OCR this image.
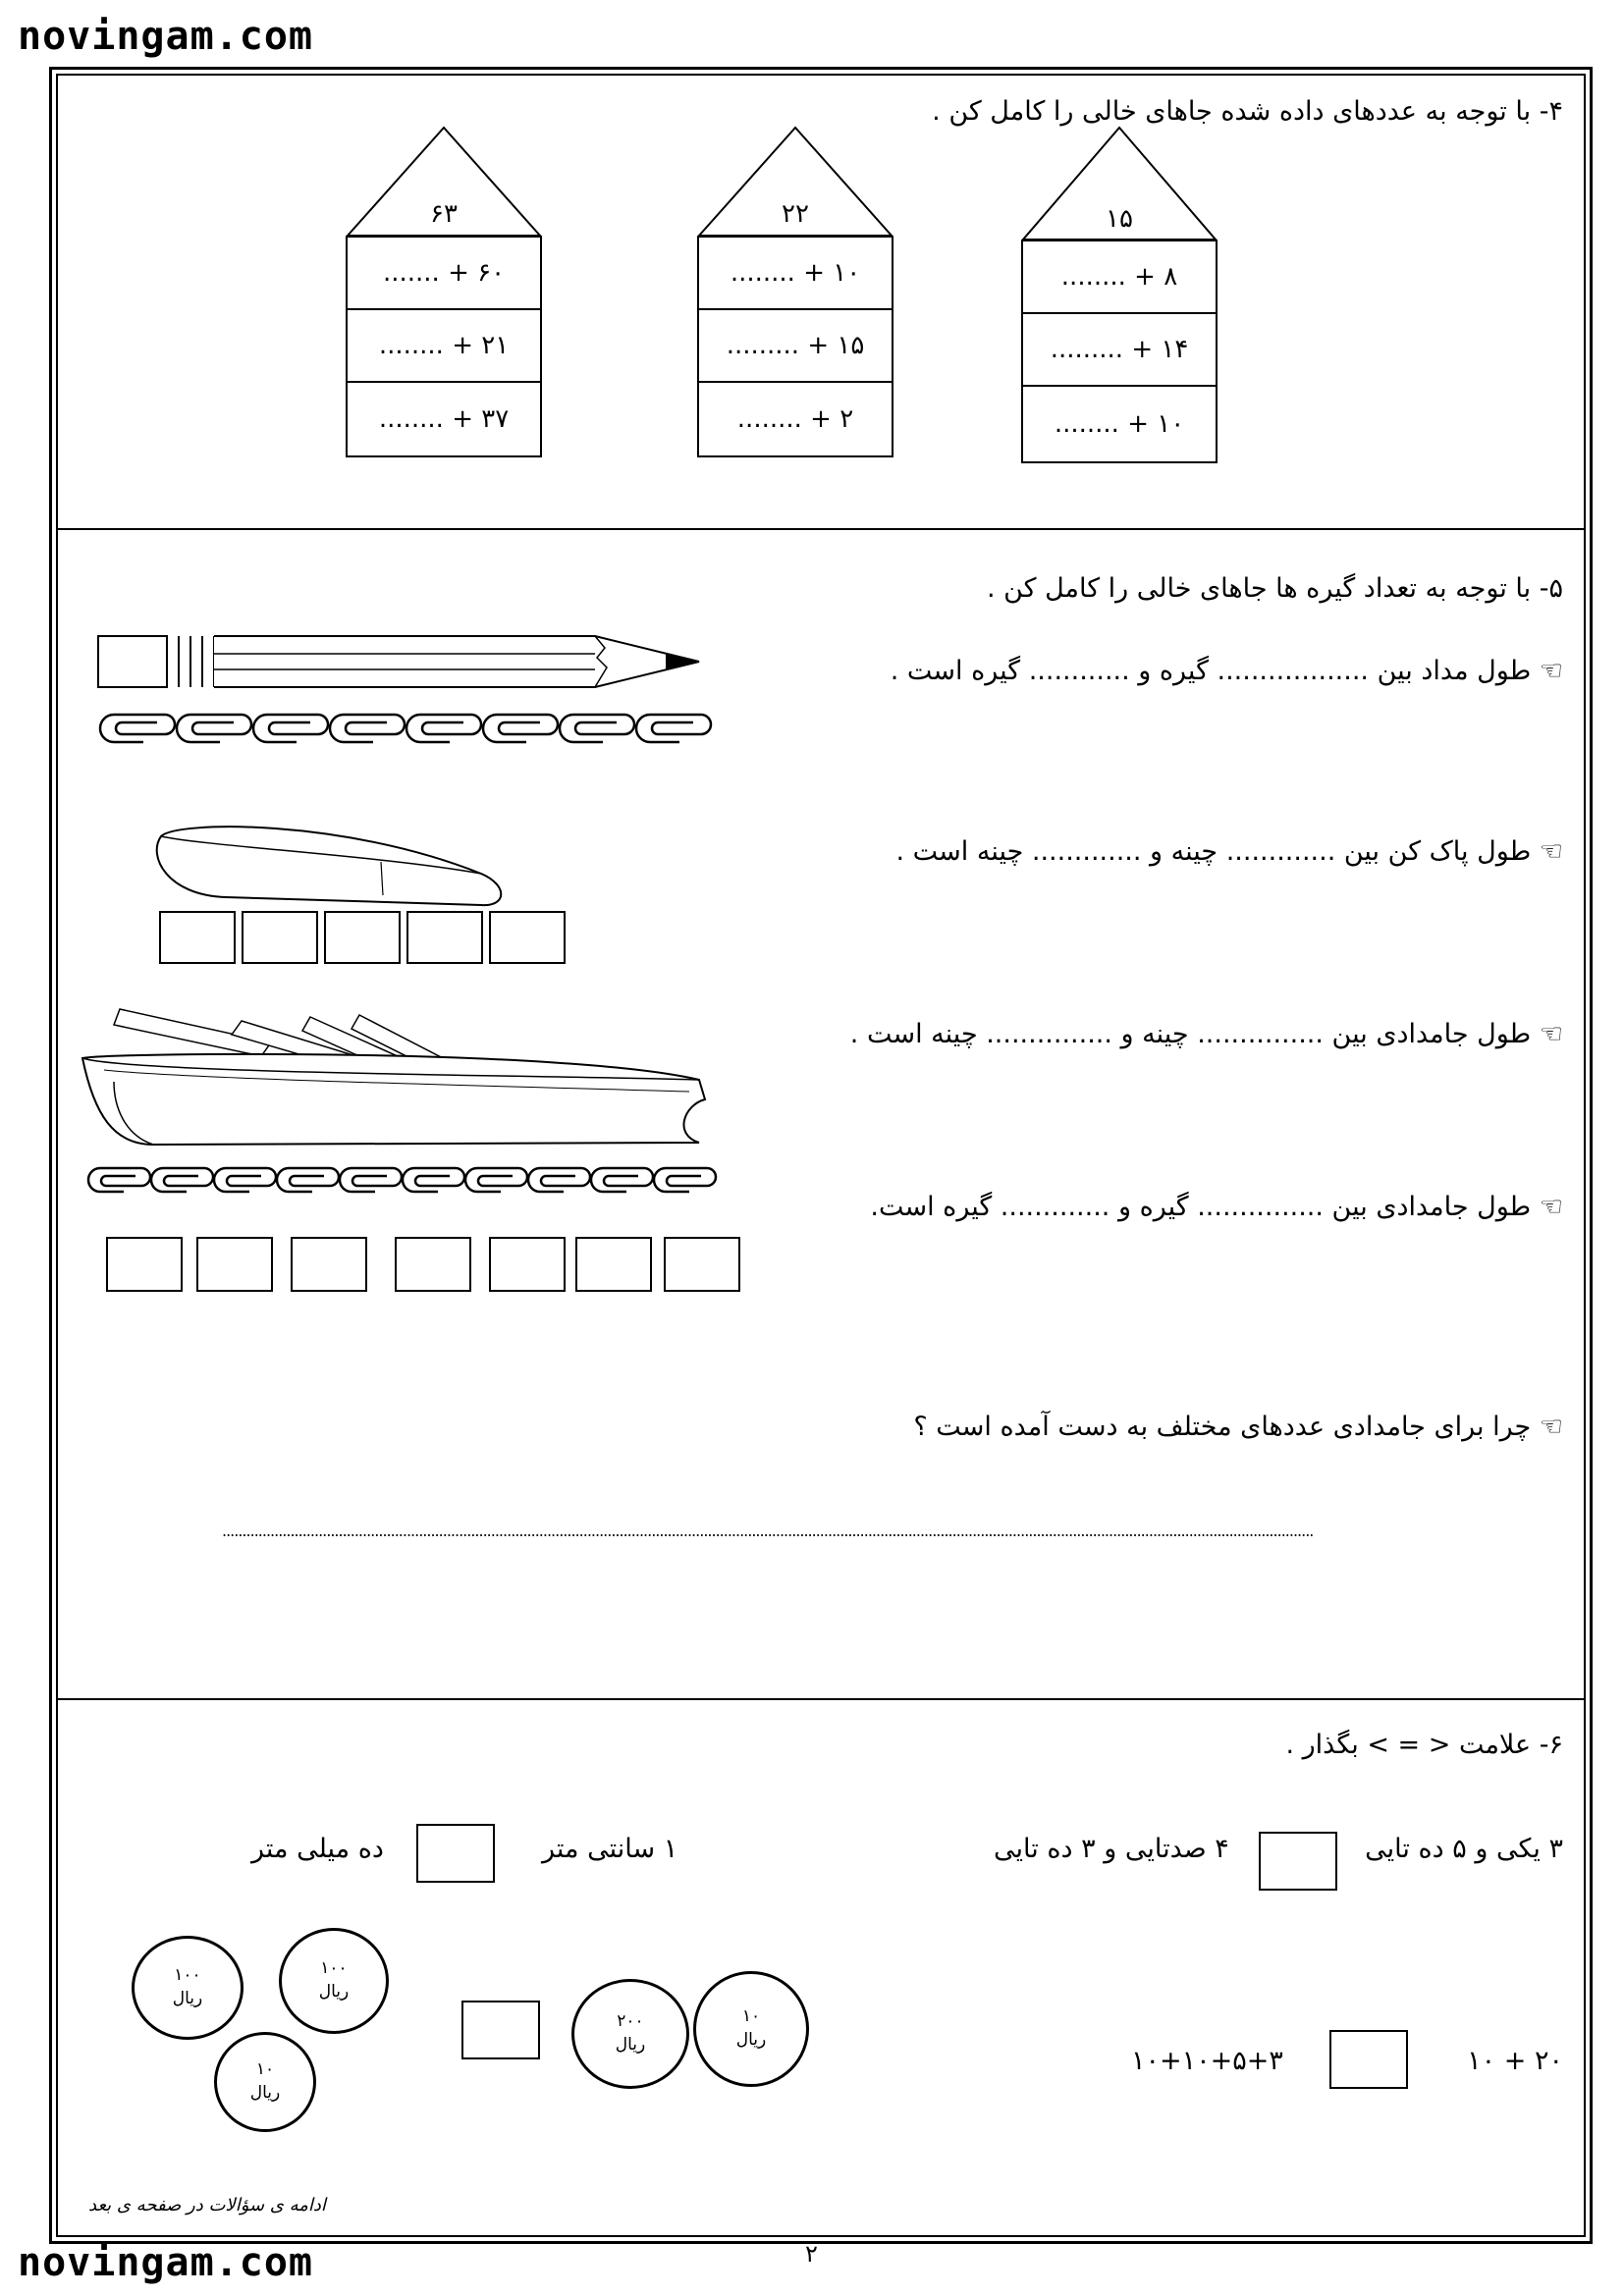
novingam.com
novingam.com
۴- با توجه به عددهای داده شده جاهای خالی را کامل کن .
۱۵
۸ + ........
۱۴ + .........
۱۰ + ........
۲۲
۱۰ + ........
۱۵ + .........
۲ + ........
۶۳
۶۰ + .......
۲۱ + ........
۳۷ + ........
۵- با توجه به تعداد گیره ها جاهای خالی را کامل کن .
☜ طول مداد بین .................. گیره و ............ گیره است .
☜ طول پاک کن بین ............. چینه و ............. چینه است .
☜ طول جامدادی بین ............... چینه و ............... چینه است .
☜ طول جامدادی بین ............... گیره و ............. گیره است.
☜ چرا برای جامدادی عددهای مختلف به دست آمده است ؟
................................................................................................................................................................................................................................................................................
۶- علامت < = > بگذار .
۳ یکی و ۵ ده تایی
۴ صدتایی و ۳ ده تایی
۱ سانتی متر
ده میلی متر
۲۰ + ۱۰
۱۰+۱۰+۵+۳
۱۰
ریال
۲۰۰
ریال
۱۰۰
ریال
۱۰۰
ریال
۱۰
ریال
ادامه ی سؤالات در صفحه ی بعد
۲
